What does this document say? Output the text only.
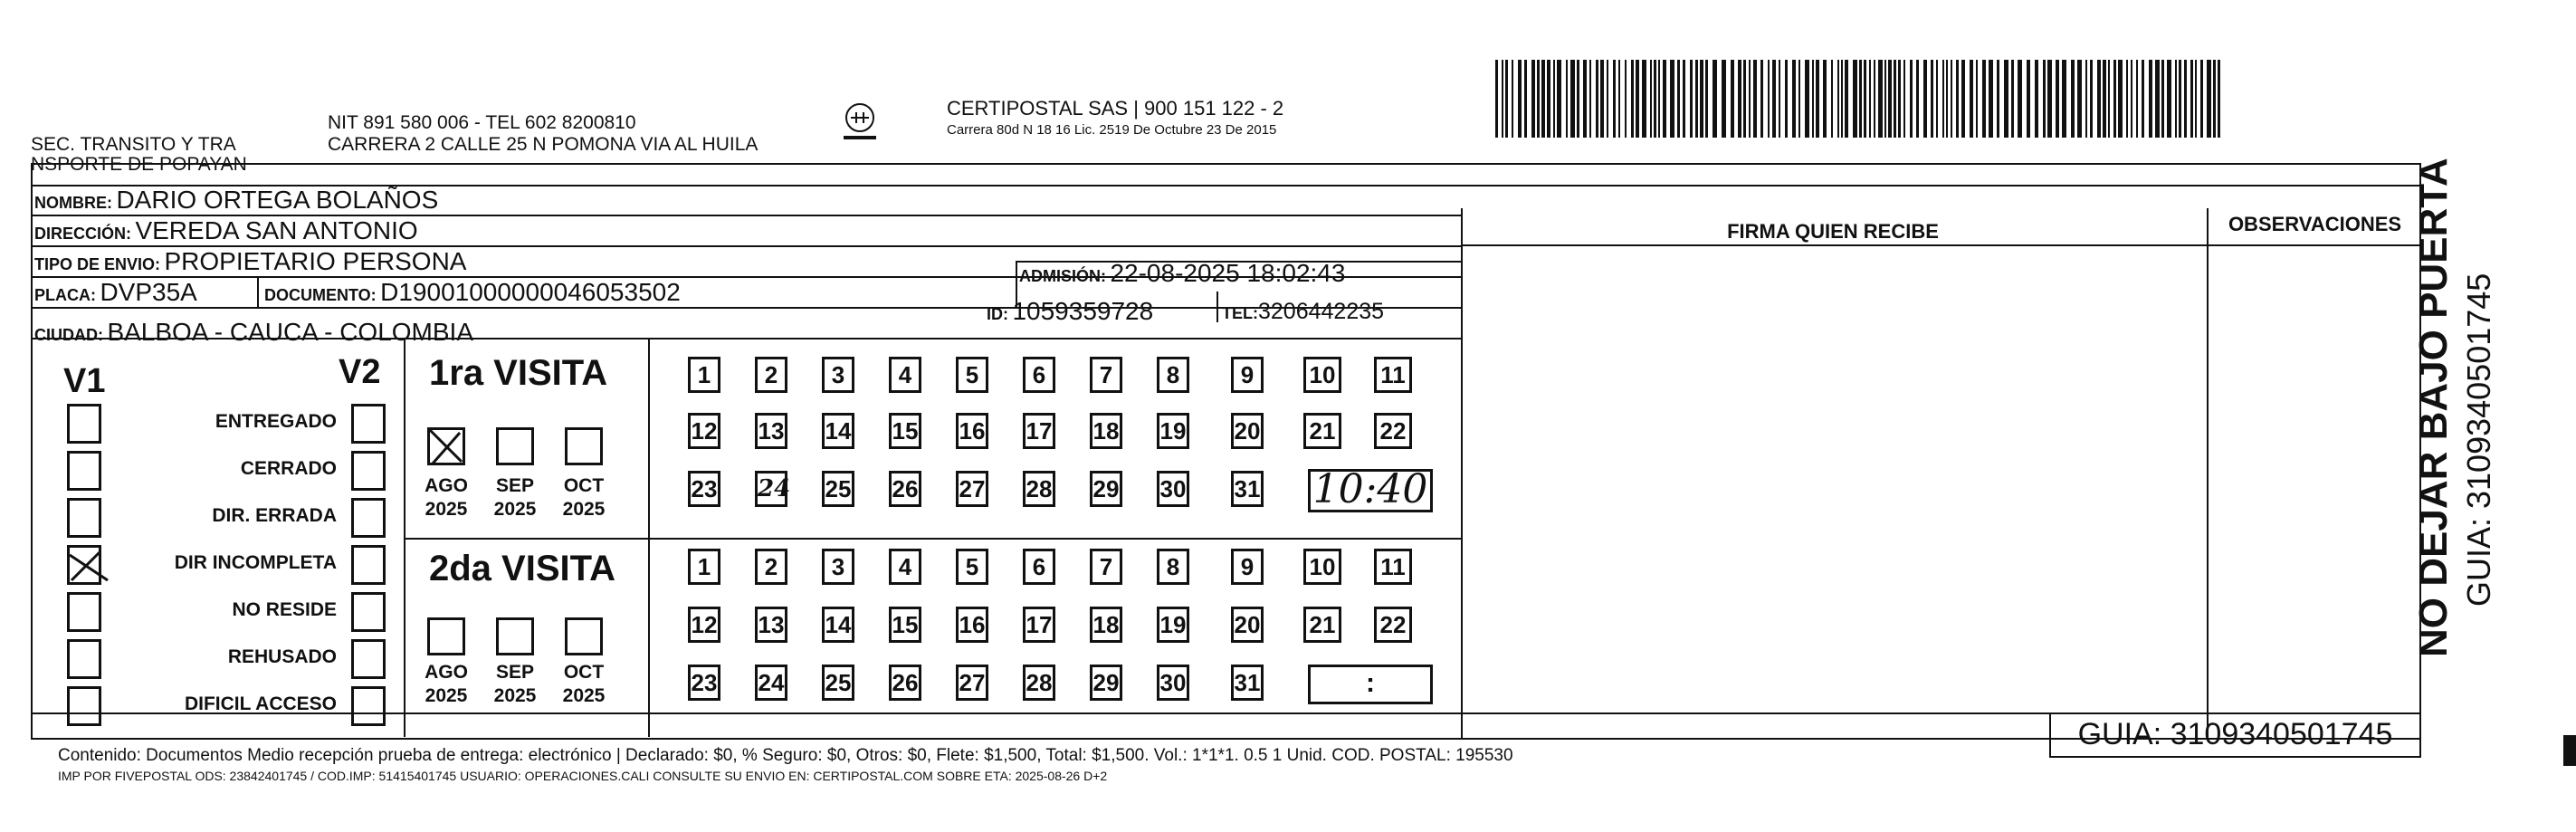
SEC. TRANSITO Y TRA
NSPORTE DE POPAYAN
NIT 891 580 006 - TEL 602 8200810
CARRERA 2 CALLE 25 N POMONA VIA AL HUILA
CERTIPOSTAL SAS | 900 151 122 - 2
Carrera 80d N 18 16 Lic. 2519 De Octubre 23 De 2015
NOMBRE: DARIO ORTEGA BOLAÑOS
DIRECCIÓN: VEREDA SAN ANTONIO
TIPO DE ENVIO: PROPIETARIO PERSONA
ADMISIÓN: 22-08-2025 18:02:43
PLACA: DVP35A	DOCUMENTO: D19001000000046053502
ID: 1059359728	TEL:3206442235
CIUDAD: BALBOA - CAUCA - COLOMBIA
FIRMA QUIEN RECIBE	OBSERVACIONES
V1	V2
ENTREGADO
CERRADO
DIR. ERRADA
DIR INCOMPLETA
NO RESIDE
REHUSADO
DIFICIL ACCESO
1ra VISITA
2da VISITA
AGO
2025
SEP
2025
OCT
2025
AGO
2025
SEP
2025
OCT
2025
1	2	3	4	5	6	7	8	9	10 11
12 13 14 15 16 17 18 19 20 21 22
23 24 25 26 27 28 29 30 31
1	2	3	4	5	6	7	8	9	10 11
12 13 14 15 16 17 18 19 20 21 22
23 24 25 26 27 28 29 30 31
10:40
:
GUIA: 3109340501745
Contenido: Documentos Medio recepción prueba de entrega: electrónico | Declarado: $0, % Seguro: $0, Otros: $0, Flete: $1,500, Total: $1,500. Vol.: 1*1*1. 0.5 1 Unid. COD. POSTAL: 195530
IMP POR FIVEPOSTAL ODS: 23842401745 / COD.IMP: 51415401745 USUARIO: OPERACIONES.CALI CONSULTE SU ENVIO EN: CERTIPOSTAL.COM SOBRE ETA: 2025-08-26 D+2
NO DEJAR BAJO PUERTA GUIA: 3109340501745
